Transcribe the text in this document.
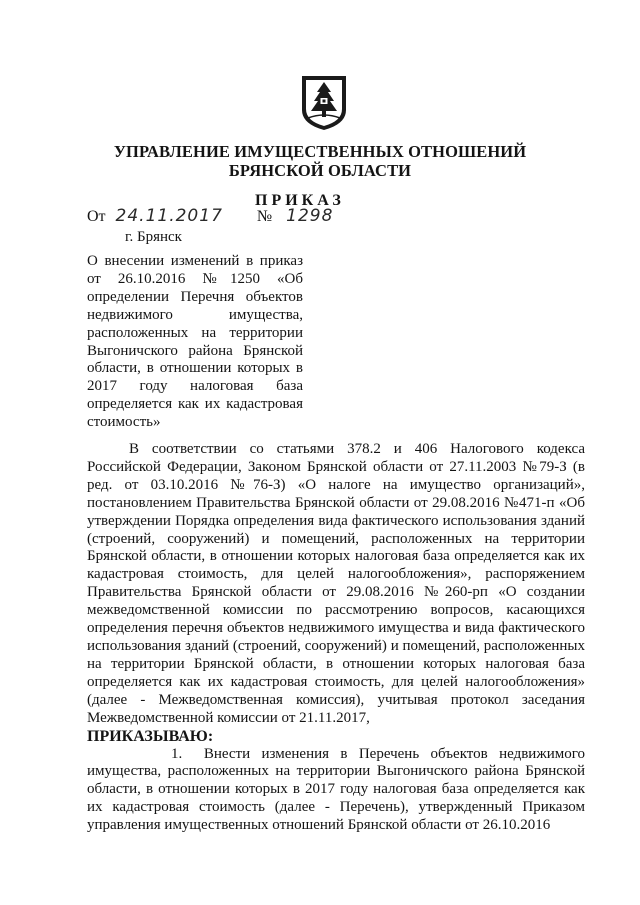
УПРАВЛЕНИЕ ИМУЩЕСТВЕННЫХ ОТНОШЕНИЙ
БРЯНСКОЙ ОБЛАСТИ
ПРИКАЗ
От 24.11.2017 № 1298
г. Брянск
О внесении изменений в приказ от 26.10.2016 №1250 «Об определении Перечня объектов недвижимого имущества, расположенных на территории Выгоничского района Брянской области, в отношении которых в 2017 году налоговая база определяется как их кадастровая стоимость»

В соответствии со статьями 378.2 и 406 Налогового кодекса Российской Федерации, Законом Брянской области от 27.11.2003 №79-З (в ред. от 03.10.2016 №76-З) «О налоге на имущество организаций», постановлением Правительства Брянской области от 29.08.2016 №471-п «Об утверждении Порядка определения вида фактического использования зданий (строений, сооружений) и помещений, расположенных на территории Брянской области, в отношении которых налоговая база определяется как их кадастровая стоимость, для целей налогообложения», распоряжением Правительства Брянской области от 29.08.2016 №260-рп «О создании межведомственной комиссии по рассмотрению вопросов, касающихся определения перечня объектов недвижимого имущества и вида фактического использования зданий (строений, сооружений) и помещений, расположенных на территории Брянской области, в отношении которых налоговая база определяется как их кадастровая стоимость, для целей налогообложения» (далее - Межведомственная комиссия), учитывая протокол заседания Межведомственной комиссии от 21.11.2017,

ПРИКАЗЫВАЮ:

1. Внести изменения в Перечень объектов недвижимого имущества, расположенных на территории Выгоничского района Брянской области, в отношении которых в 2017 году налоговая база определяется как их кадастровая стоимость (далее - Перечень), утвержденный Приказом управления имущественных отношений Брянской области от 26.10.2016
